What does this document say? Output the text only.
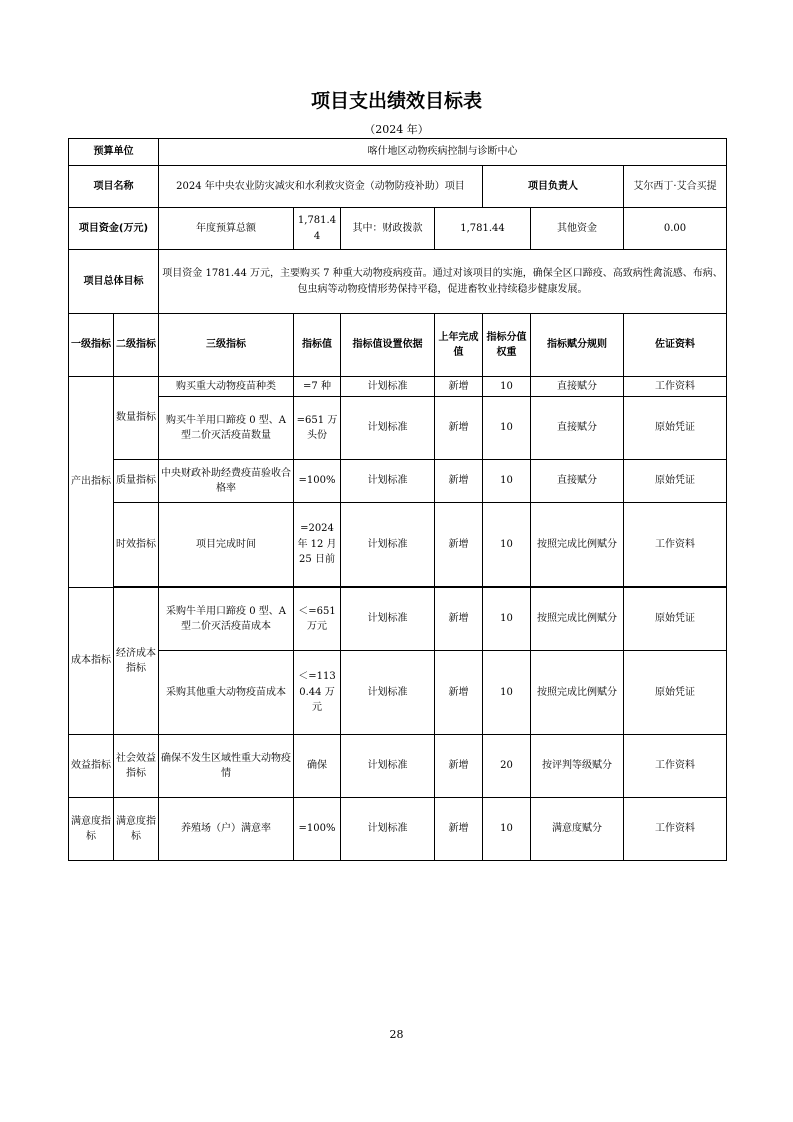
项目支出绩效目标表
（2024 年）
预算单位		喀什地区动物疾病控制与诊断中心						
项目名称		2024 年中央农业防灾减灾和水利救灾资金（动物防疫补助）项目				项目负责人		艾尔西丁·艾合买提
项目资金(万元)		年度预算总额	1,781.44	其中：财政拨款	1,781.44		其他资金	0.00
项目总体目标		项目资金 1781.44 万元，主要购买 7 种重大动物疫病疫苗。通过对该项目的实施，确保全区口蹄疫、高致病性禽流感、布病、包虫病等动物疫情形势保持平稳，促进畜牧业持续稳步健康发展。						
一级指标	二级指标	三级指标	指标值	指标值设置依据	上年完成值	指标分值权重	指标赋分规则	佐证资料
产出指标	数量指标	购买重大动物疫苗种类	=7 种	计划标准	新增	10	直接赋分	工作资料
		购买牛羊用口蹄疫 0 型、A 型二价灭活疫苗数量	=651 万头份	计划标准	新增	10	直接赋分	原始凭证
	质量指标	中央财政补助经费疫苗验收合格率	=100%	计划标准	新增	10	直接赋分	原始凭证
	时效指标	项目完成时间	=2024 年 12 月 25 日前	计划标准	新增	10	按照完成比例赋分	工作资料

成本指标	经济成本指标	采购牛羊用口蹄疫 0 型、A 型二价灭活疫苗成本	＜=651 万元	计划标准	新增	10	按照完成比例赋分	原始凭证
		采购其他重大动物疫苗成本	＜=1130.44 万元	计划标准	新增	10	按照完成比例赋分	原始凭证
效益指标	社会效益指标	确保不发生区域性重大动物疫情	确保	计划标准	新增	20	按评判等级赋分	工作资料
满意度指标	满意度指标	养殖场（户）满意率	=100%	计划标准	新增	10	满意度赋分	工作资料
28
